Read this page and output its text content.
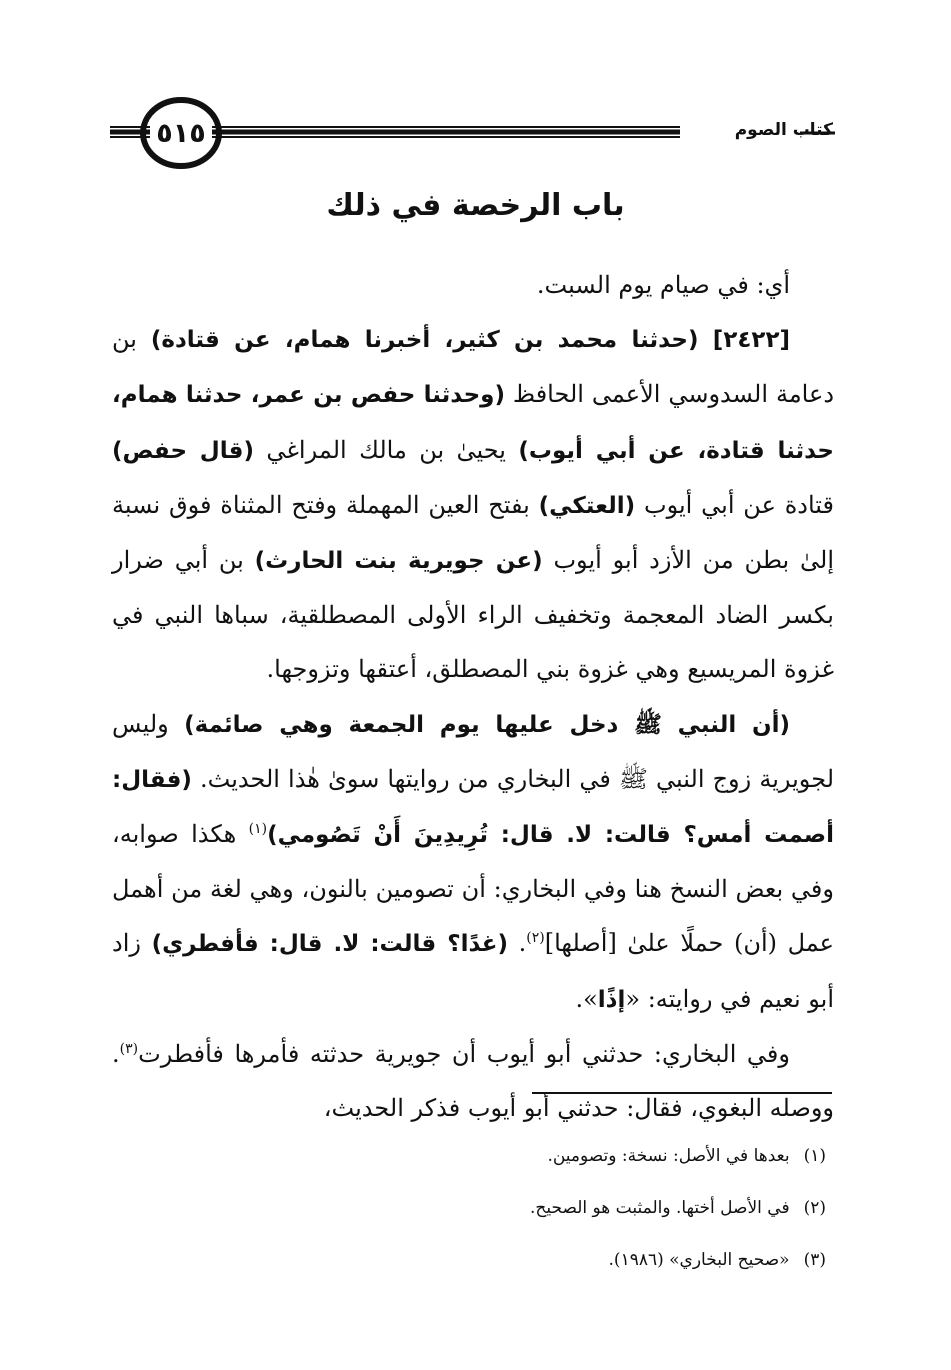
كتاب الصوم
٥١٥
باب الرخصة في ذلك

أي: في صيام يوم السبت.

[٢٤٢٢] (حدثنا محمد بن كثير، أخبرنا همام، عن قتادة) بن دعامة السدوسي الأعمى الحافظ (وحدثنا حفص بن عمر، حدثنا همام، حدثنا قتادة، عن أبي أيوب) يحيىٰ بن مالك المراغي (قال حفص) قتادة عن أبي أيوب (العتكي) بفتح العين المهملة وفتح المثناة فوق نسبة إلىٰ بطن من الأزد أبو أيوب (عن جويرية بنت الحارث) بن أبي ضرار بكسر الضاد المعجمة وتخفيف الراء الأولى المصطلقية، سباها النبي في غزوة المريسيع وهي غزوة بني المصطلق، أعتقها وتزوجها.

(أن النبي ﷺ دخل عليها يوم الجمعة وهي صائمة) وليس لجويرية زوج النبي ﷺ في البخاري من روايتها سوىٰ هٰذا الحديث. (فقال: أصمت أمس؟ قالت: لا. قال: تُرِيدِينَ أَنْ تَصُومي)$^{(١)}$ هكذا صوابه، وفي بعض النسخ هنا وفي البخاري: أن تصومين بالنون، وهي لغة من أهمل عمل (أن) حملًا علىٰ [أصلها]$^{(٢)}$. (غدًا؟ قالت: لا. قال: فأفطري) زاد أبو نعيم في روايته: «إذًا».

وفي البخاري: حدثني أبو أيوب أن جويرية حدثته فأمرها فأفطرت$^{(٣)}$. ووصله البغوي، فقال: حدثني أبو أيوب فذكر الحديث،

(١)بعدها في الأصل: نسخة: وتصومين.

(٢)في الأصل أختها. والمثبت هو الصحيح.

(٣)«صحيح البخاري» (١٩٨٦).
